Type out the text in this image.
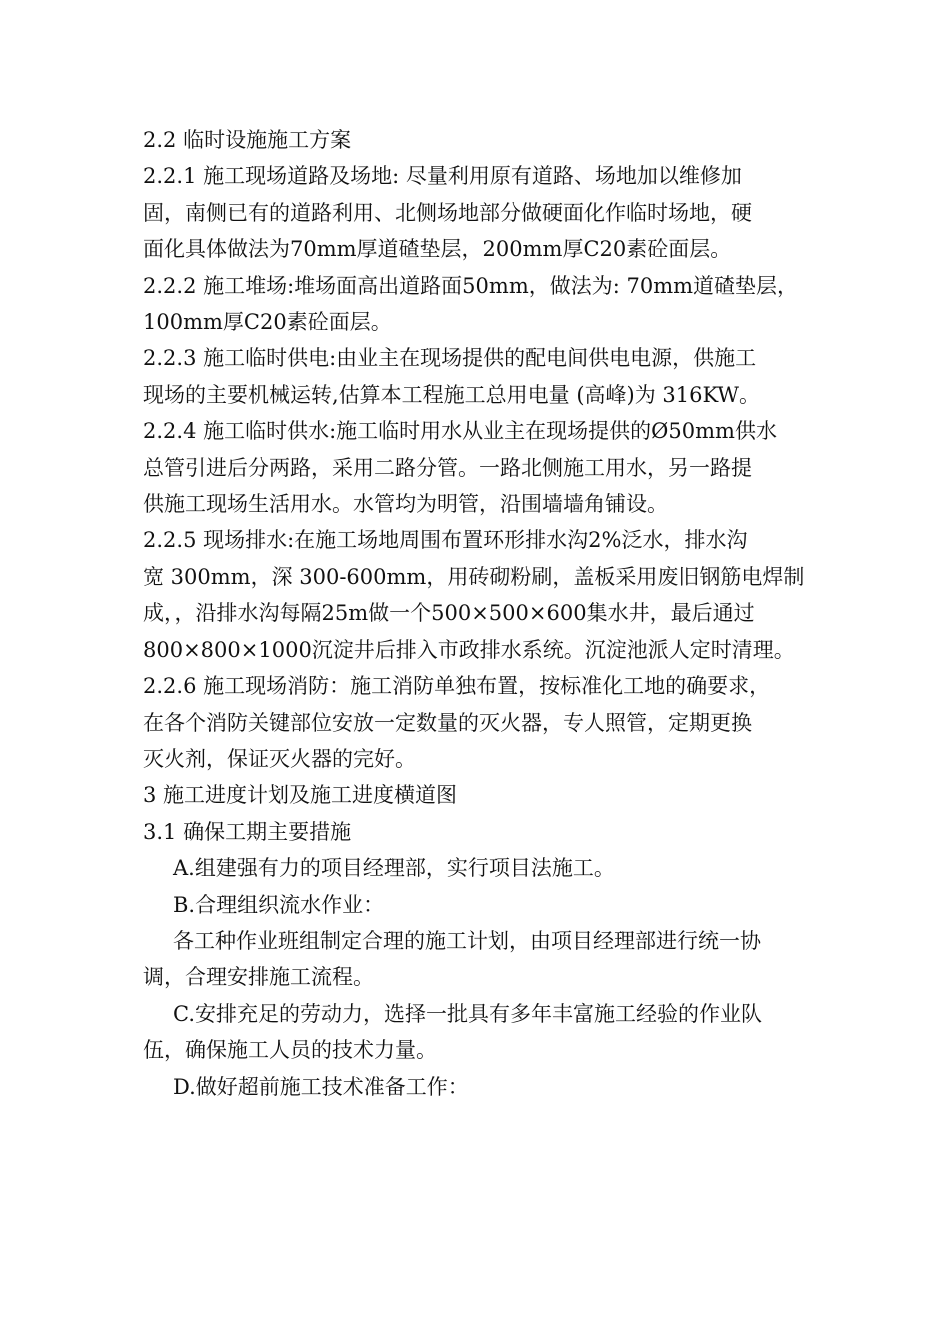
2.2 临时设施施工方案

2.2.1 施工现场道路及场地: 尽量利用原有道路、场地加以维修加

固，南侧已有的道路利用、北侧场地部分做硬面化作临时场地，硬

面化具体做法为70mm厚道碴垫层，200mm厚C20素砼面层。

2.2.2 施工堆场:堆场面高出道路面50mm，做法为: 70mm道碴垫层，

100mm厚C20素砼面层。

2.2.3 施工临时供电:由业主在现场提供的配电间供电电源，供施工

现场的主要机械运转,估算本工程施工总用电量 (高峰)为 316KW。

2.2.4 施工临时供水:施工临时用水从业主在现场提供的Ø50mm供水

总管引进后分两路，采用二路分管。一路北侧施工用水，另一路提

供施工现场生活用水。水管均为明管，沿围墙墙角铺设。

2.2.5 现场排水:在施工场地周围布置环形排水沟2%泛水，排水沟

宽 300mm，深 300-600mm，用砖砌粉刷，盖板采用废旧钢筋电焊制

成，，沿排水沟每隔25m做一个500×500×600集水井，最后通过

800×800×1000沉淀井后排入市政排水系统。沉淀池派人定时清理。

2.2.6 施工现场消防：施工消防单独布置，按标准化工地的确要求，

在各个消防关键部位安放一定数量的灭火器，专人照管，定期更换

灭火剂，保证灭火器的完好。

3 施工进度计划及施工进度横道图

3.1 确保工期主要措施

A.组建强有力的项目经理部，实行项目法施工。

B.合理组织流水作业：

各工种作业班组制定合理的施工计划，由项目经理部进行统一协

调，合理安排施工流程。

C.安排充足的劳动力，选择一批具有多年丰富施工经验的作业队

伍，确保施工人员的技术力量。

D.做好超前施工技术准备工作：
